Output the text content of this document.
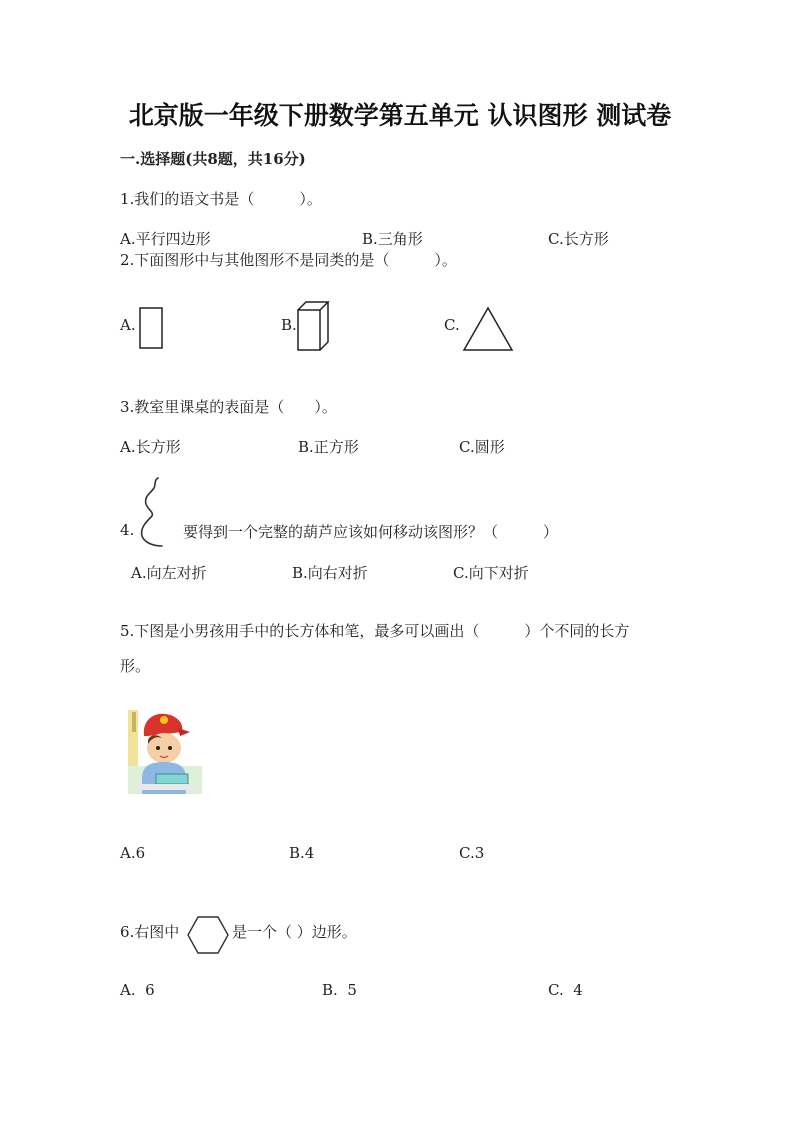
北京版一年级下册数学第五单元 认识图形 测试卷
一.选择题(共8题，共16分)
1.我们的语文书是（　　　）。
A.平行四边形	B.三角形	C.长方形
2.下面图形中与其他图形不是同类的是（　　　）。
A.	B.	C.
3.教室里课桌的表面是（　　）。
A.长方形	B.正方形	C.圆形
4.	要得到一个完整的葫芦应该如何移动该图形？（　　　）
A.向左对折	B.向右对折	C.向下对折
5.下图是小男孩用手中的长方体和笔，最多可以画出（　　　）个不同的长方
形。
A.6	B.4	C.3
6.右图中	是一个（ ）边形。
A.  6	B.  5	C.  4
